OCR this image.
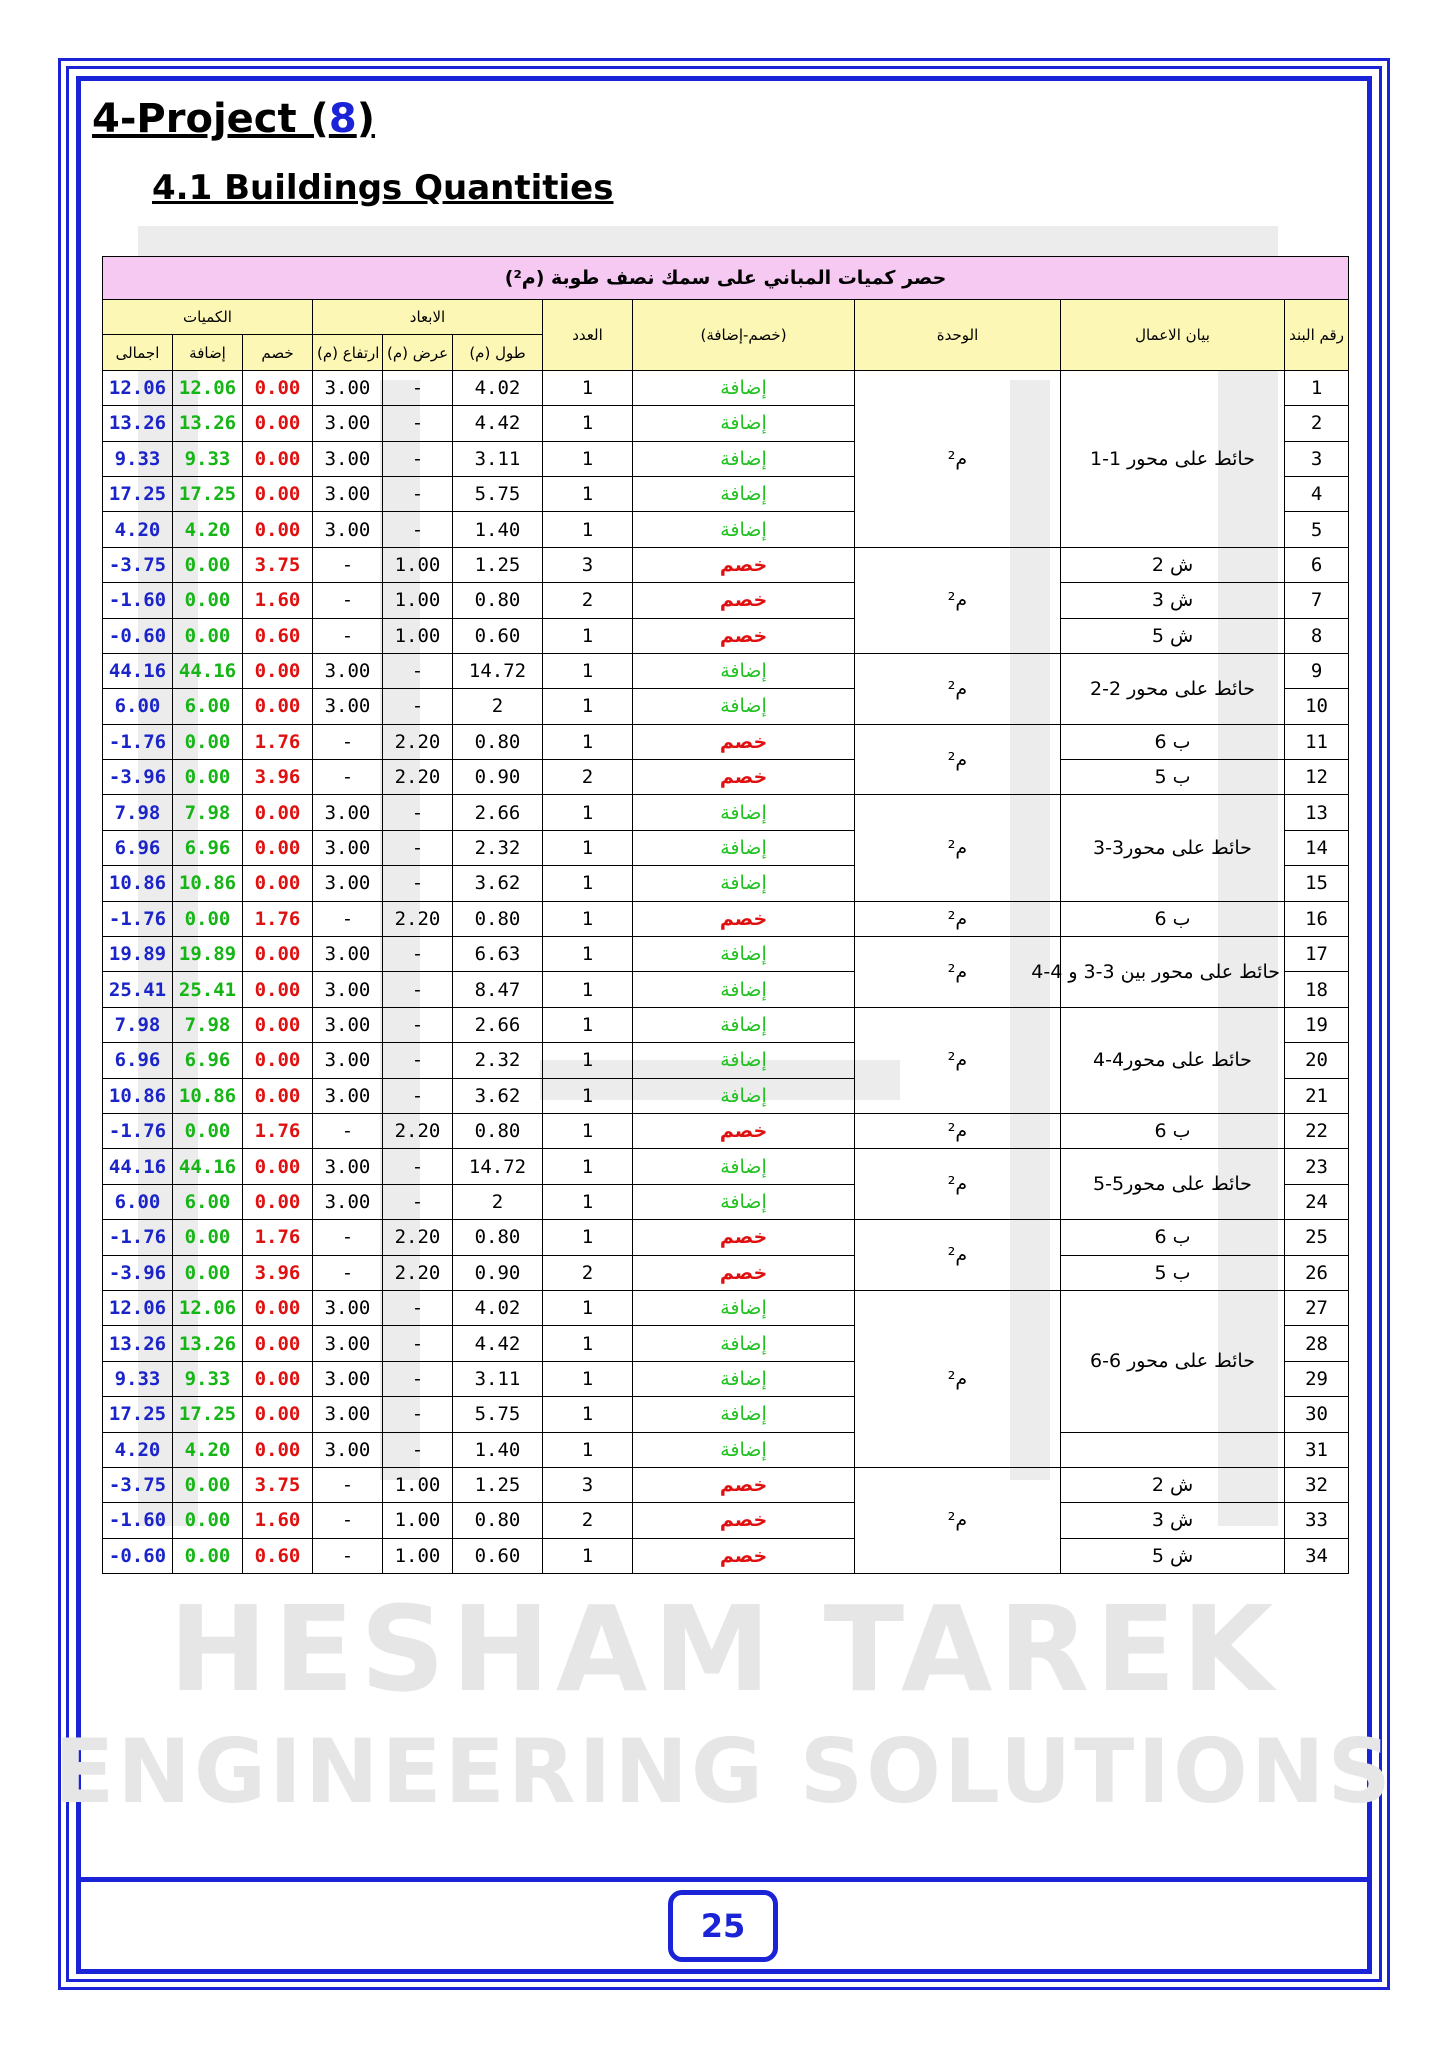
HESHAM TAREK
ENGINEERING SOLUTIONS
4-Project (8)
4.1 Buildings Quantities
حصر كميات المباني على سمك نصف طوبة (م²)										
الكميات			الابعاد			العدد	(خصم-إضافة)	الوحدة	بيان الاعمال	رقم البند
اجمالى	إضافة	خصم	ارتفاع (م)	عرض (م)	طول (م)					
12.06	12.06	0.00	3.00	-	4.02	1	إضافة	م²	حائط على محور 1-1	1
13.26	13.26	0.00	3.00	-	4.42	1	إضافة			2
9.33	9.33	0.00	3.00	-	3.11	1	إضافة			3
17.25	17.25	0.00	3.00	-	5.75	1	إضافة			4
4.20	4.20	0.00	3.00	-	1.40	1	إضافة			5
-3.75	0.00	3.75	-	1.00	1.25	3	خصم	م²	ش 2	6
-1.60	0.00	1.60	-	1.00	0.80	2	خصم		ش 3	7
-0.60	0.00	0.60	-	1.00	0.60	1	خصم		ش 5	8
44.16	44.16	0.00	3.00	-	14.72	1	إضافة	م²	حائط على محور 2-2	9
6.00	6.00	0.00	3.00	-	2	1	إضافة			10
-1.76	0.00	1.76	-	2.20	0.80	1	خصم	م²	ب 6	11
-3.96	0.00	3.96	-	2.20	0.90	2	خصم		ب 5	12
7.98	7.98	0.00	3.00	-	2.66	1	إضافة	م²	حائط على محور3-3	13
6.96	6.96	0.00	3.00	-	2.32	1	إضافة			14
10.86	10.86	0.00	3.00	-	3.62	1	إضافة			15
-1.76	0.00	1.76	-	2.20	0.80	1	خصم	م²	ب 6	16
19.89	19.89	0.00	3.00	-	6.63	1	إضافة	م²	حائط على محور بين 3-3 و 4-4	17
25.41	25.41	0.00	3.00	-	8.47	1	إضافة			18
7.98	7.98	0.00	3.00	-	2.66	1	إضافة	م²	حائط على محور4-4	19
6.96	6.96	0.00	3.00	-	2.32	1	إضافة			20
10.86	10.86	0.00	3.00	-	3.62	1	إضافة			21
-1.76	0.00	1.76	-	2.20	0.80	1	خصم	م²	ب 6	22
44.16	44.16	0.00	3.00	-	14.72	1	إضافة	م²	حائط على محور5-5	23
6.00	6.00	0.00	3.00	-	2	1	إضافة			24
-1.76	0.00	1.76	-	2.20	0.80	1	خصم	م²	ب 6	25
-3.96	0.00	3.96	-	2.20	0.90	2	خصم		ب 5	26
12.06	12.06	0.00	3.00	-	4.02	1	إضافة	م²	حائط على محور 6-6	27
13.26	13.26	0.00	3.00	-	4.42	1	إضافة			28
9.33	9.33	0.00	3.00	-	3.11	1	إضافة			29
17.25	17.25	0.00	3.00	-	5.75	1	إضافة			30
4.20	4.20	0.00	3.00	-	1.40	1	إضافة			31
-3.75	0.00	3.75	-	1.00	1.25	3	خصم	م²	ش 2	32
-1.60	0.00	1.60	-	1.00	0.80	2	خصم		ش 3	33
-0.60	0.00	0.60	-	1.00	0.60	1	خصم		ش 5	34
25
